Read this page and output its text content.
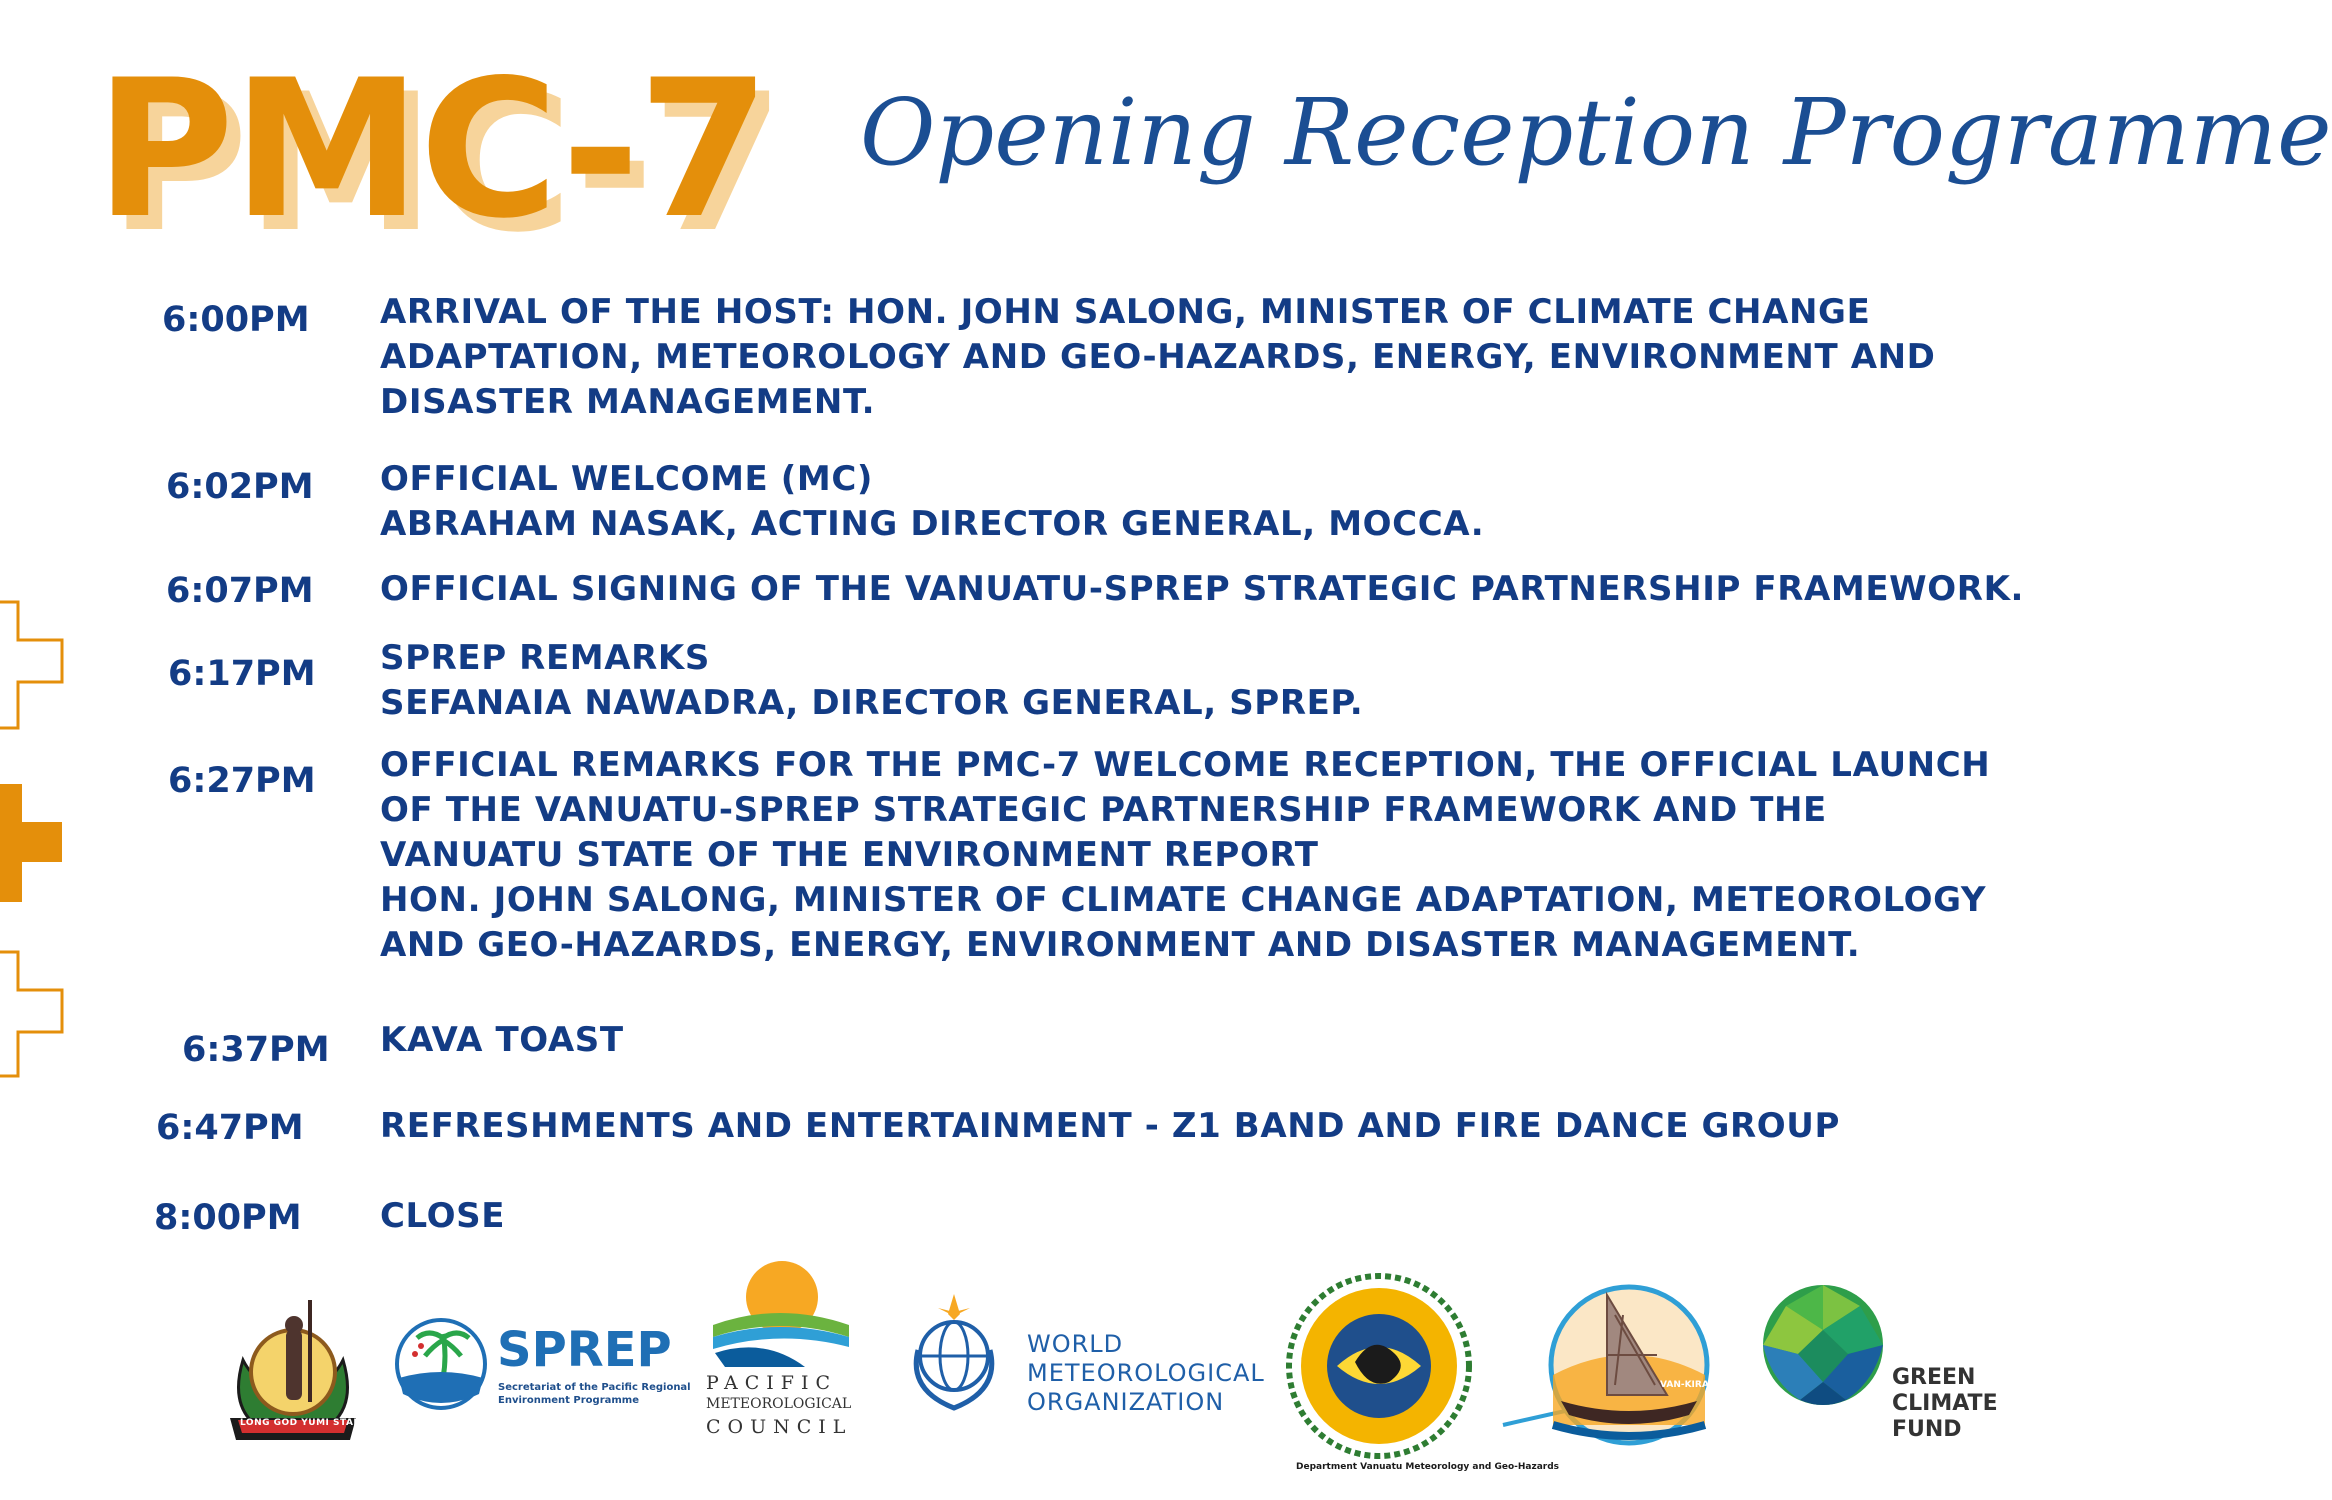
PMC-7 Opening Reception Programme
6:00PM ARRIVAL OF THE HOST: HON. JOHN SALONG, MINISTER OF CLIMATE CHANGE
ADAPTATION, METEOROLOGY AND GEO-HAZARDS, ENERGY, ENVIRONMENT AND
DISASTER MANAGEMENT.
6:02PM OFFICIAL WELCOME (MC)
ABRAHAM NASAK, ACTING DIRECTOR GENERAL, MOCCA.
6:07PM OFFICIAL SIGNING OF THE VANUATU-SPREP STRATEGIC PARTNERSHIP FRAMEWORK.
6:17PM SPREP REMARKS
SEFANAIA NAWADRA, DIRECTOR GENERAL, SPREP.
6:27PM OFFICIAL REMARKS FOR THE PMC-7 WELCOME RECEPTION, THE OFFICIAL LAUNCH
OF THE VANUATU-SPREP STRATEGIC PARTNERSHIP FRAMEWORK AND THE
VANUATU STATE OF THE ENVIRONMENT REPORT
HON. JOHN SALONG, MINISTER OF CLIMATE CHANGE ADAPTATION, METEOROLOGY
AND GEO-HAZARDS, ENERGY, ENVIRONMENT AND DISASTER MANAGEMENT.
6:37PM KAVA TOAST
6:47PM REFRESHMENTS AND ENTERTAINMENT - Z1 BAND AND FIRE DANCE GROUP
8:00PM CLOSE
LONG GOD YUMI STANAP
SPREP
Secretariat of the Pacific Regional
Environment Programme
PACIFIC
METEOROLOGICAL
COUNCIL
WORLD
METEOROLOGICAL
ORGANIZATION
Department Vanuatu Meteorology and Geo-Hazards
VAN-KIRAP	GREEN
CLIMATE
FUND
